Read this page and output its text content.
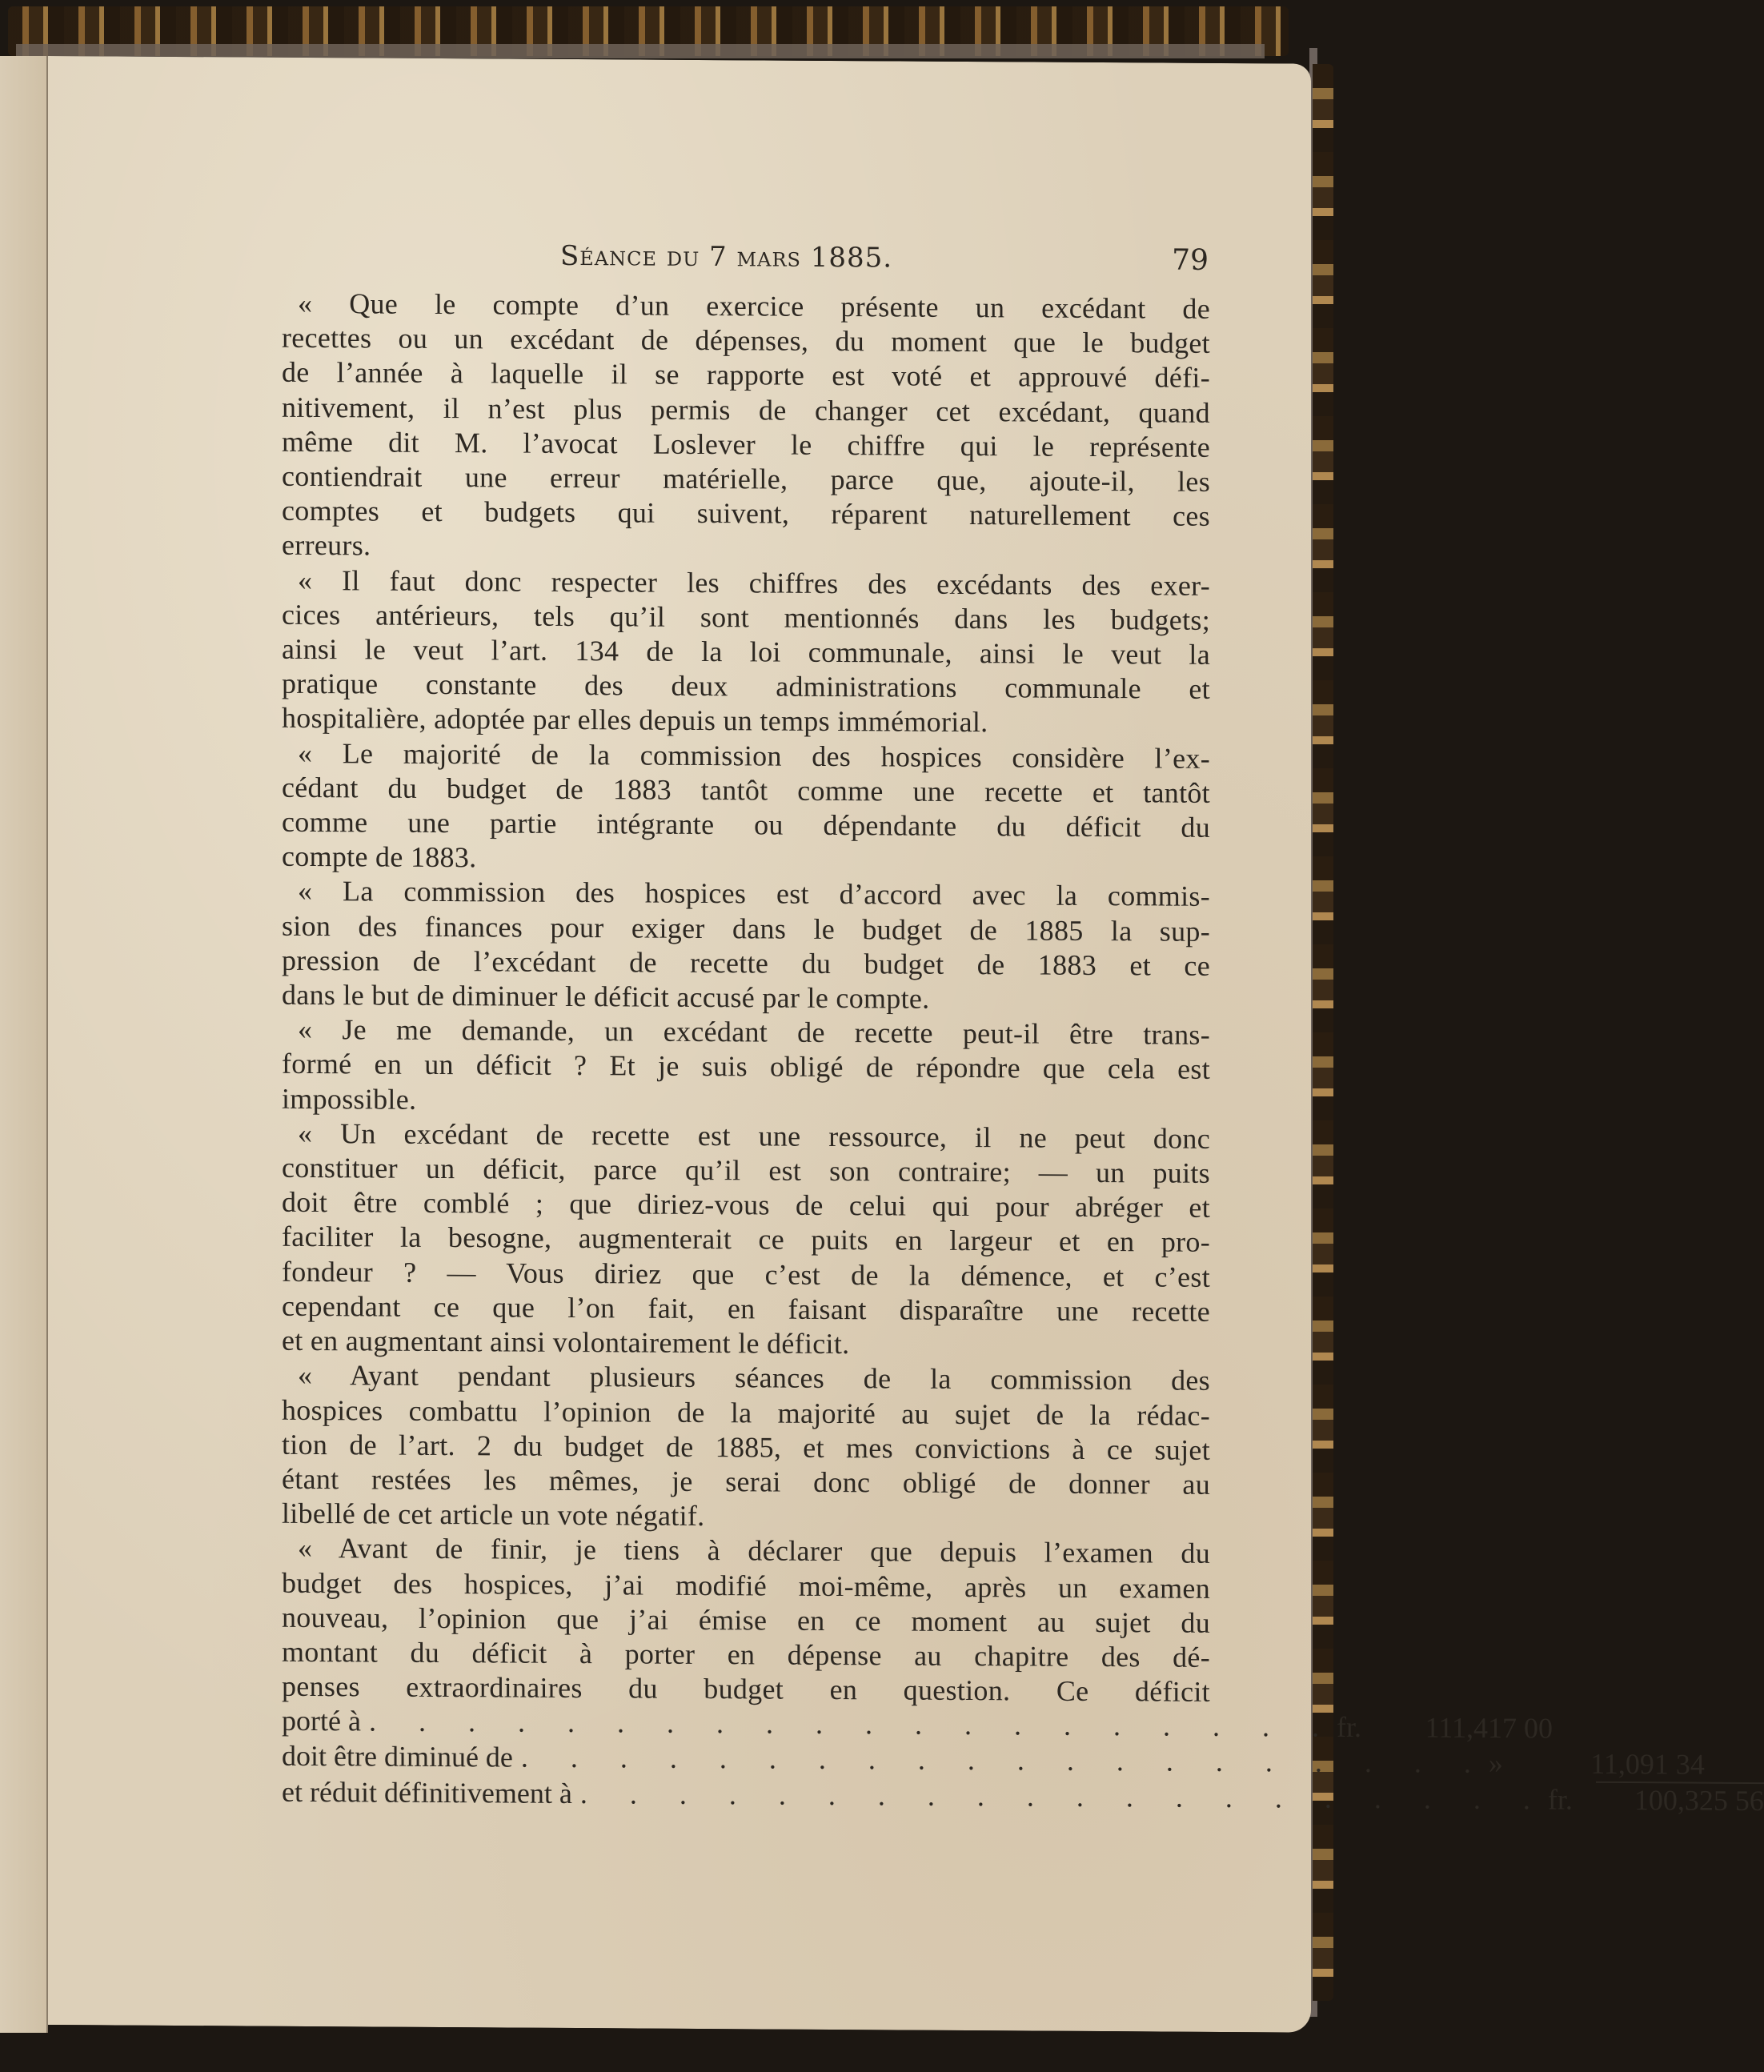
Séance du 7 mars 1885.	79

« Que le compte d’un exercice présente un excédant de
recettes ou un excédant de dépenses, du moment que le budget
de l’année à laquelle il se rapporte est voté et approuvé défi-
nitivement, il n’est plus permis de changer cet excédant, quand
même dit M. l’avocat Loslever le chiffre qui le représente
contiendrait une erreur matérielle, parce que, ajoute-il, les
comptes et budgets qui suivent, réparent naturellement ces
erreurs.

« Il faut donc respecter les chiffres des excédants des exer-
cices antérieurs, tels qu’il sont mentionnés dans les budgets;
ainsi le veut l’art. 134 de la loi communale, ainsi le veut la
pratique constante des deux administrations communale et
hospitalière, adoptée par elles depuis un temps immémorial.

« Le majorité de la commission des hospices considère l’ex-
cédant du budget de 1883 tantôt comme une recette et tantôt
comme une partie intégrante ou dépendante du déficit du
compte de 1883.

« La commission des hospices est d’accord avec la commis-
sion des finances pour exiger dans le budget de 1885 la sup-
pression de l’excédant de recette du budget de 1883 et ce
dans le but de diminuer le déficit accusé par le compte.

« Je me demande, un excédant de recette peut-il être trans-
formé en un déficit ? Et je suis obligé de répondre que cela est
impossible.

« Un excédant de recette est une ressource, il ne peut donc
constituer un déficit, parce qu’il est son contraire; — un puits
doit être comblé ; que diriez-vous de celui qui pour abréger et
faciliter la besogne, augmenterait ce puits en largeur et en pro-
fondeur ? — Vous diriez que c’est de la démence, et c’est
cependant ce que l’on fait, en faisant disparaître une recette
et en augmentant ainsi volontairement le déficit.

« Ayant pendant plusieurs séances de la commission des
hospices combattu l’opinion de la majorité au sujet de la rédac-
tion de l’art. 2 du budget de 1885, et mes convictions à ce sujet
étant restées les mêmes, je serai donc obligé de donner au
libellé de cet article un vote négatif.

« Avant de finir, je tiens à déclarer que depuis l’examen du
budget des hospices, j’ai modifié moi-même, après un examen
nouveau, l’opinion que j’ai émise en ce moment au sujet du
montant du déficit à porter en dépense au chapitre des dé-
penses extraordinaires du budget en question. Ce déficit

porté à . . . . . . . . . . . . . . . . . . . . fr.	111,417 00
doit être diminué de . . . . . . . . . . . . . . . . . . . . »	11,091 34
et réduit définitivement à . . . . . . . . . . . . . . . . . . . . fr.	100,325 56
